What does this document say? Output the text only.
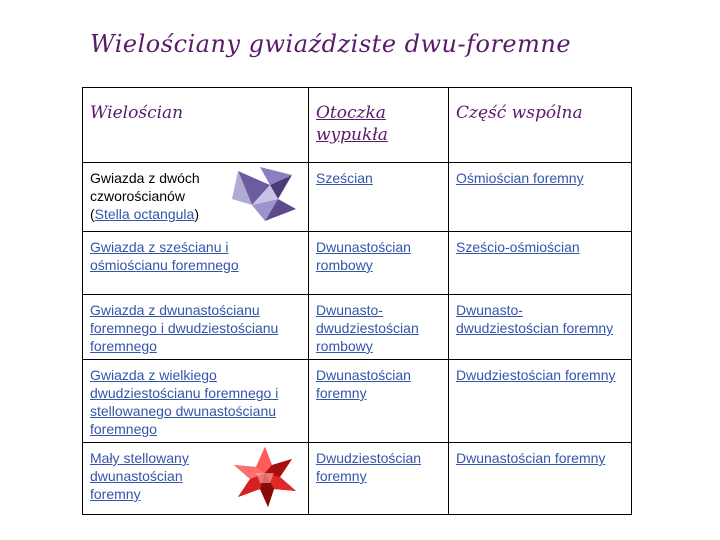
Wielościany gwiaździste dwu-foremne
Wielościan	Otoczka wypukła	Część wspólna

Gwiazda z dwóch czworościanów
(Stella octangula)	Sześcian	Ośmiościan foremny
Gwiazda z sześcianu i ośmiościanu foremnego	Dwunastościan rombowy	Sześcio-ośmiościan
Gwiazda z dwunastościanu foremnego i dwudziestościanu foremnego	Dwunasto-dwudziestościan rombowy	Dwunasto-dwudziestościan foremny
Gwiazda z wielkiego dwudziestościanu foremnego i stellowanego dwunastościanu foremnego	Dwunastościan foremny	Dwudziestościan foremny

Mały stellowany dwunastościan foremny	Dwudziestościan foremny	Dwunastościan foremny
